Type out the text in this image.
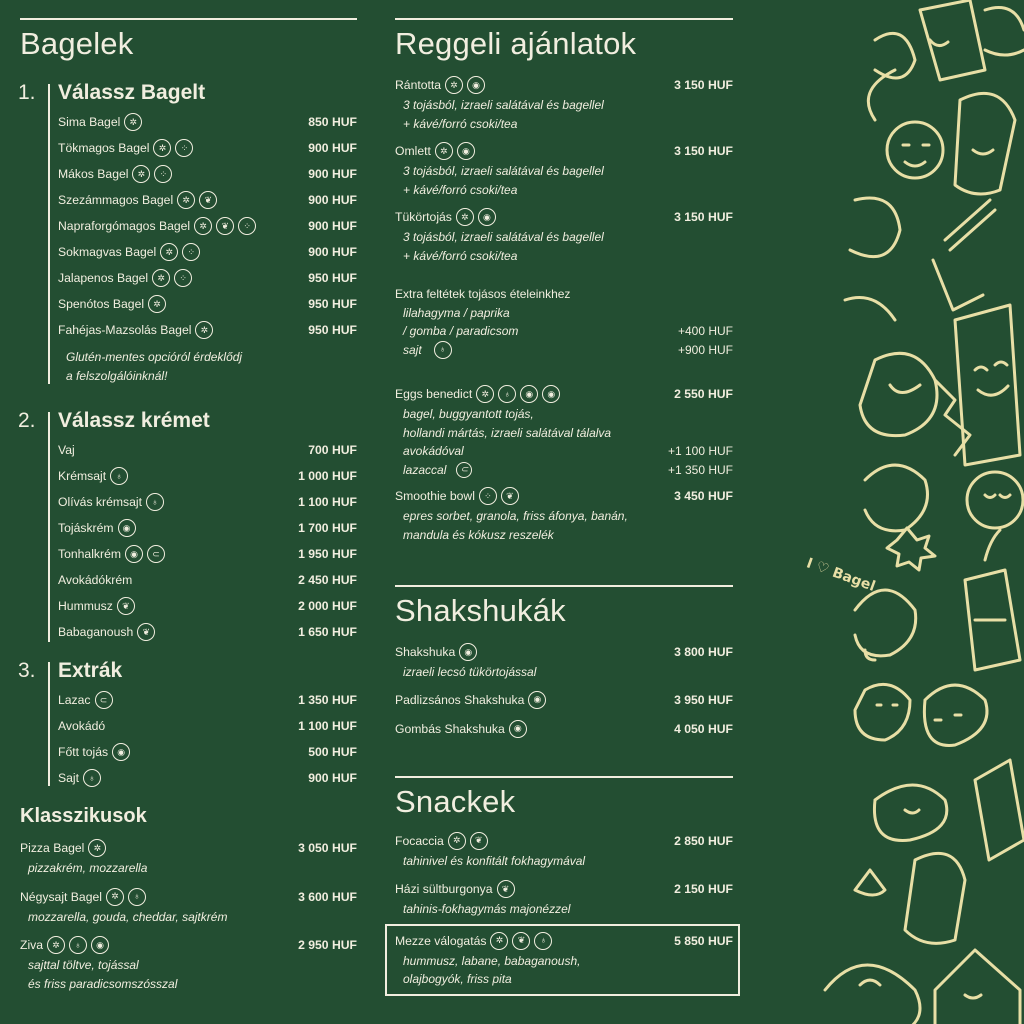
Bagelek
1. Válassz Bagelt
Sima Bagel	✲	850 HUF
Tökmagos Bagel	✲	⁘	900 HUF
Mákos Bagel	✲	⁘	900 HUF
Szezámmagos Bagel	✲	❦	900 HUF
Napraforgómagos Bagel	✲	❦	⁘	900 HUF
Sokmagvas Bagel	✲	⁘	900 HUF
Jalapenos Bagel	✲	⁘	950 HUF
Spenótos Bagel	✲	950 HUF
Fahéjas-Mazsolás Bagel	✲	950 HUF
Glutén-mentes opcióról érdeklődj
a felszolgálóinknál!
2. Válassz krémet
Vaj	700 HUF
Krémsajt	♁	1 000 HUF
Olívás krémsajt	♁	1 100 HUF
Tojáskrém	◉	1 700 HUF
Tonhalkrém	◉	⊂	1 950 HUF
Avokádókrém	2 450 HUF
Hummusz	❦	2 000 HUF
Babaganoush	❦	1 650 HUF
3. Extrák
Lazac	⊂	1 350 HUF
Avokádó	1 100 HUF
Főtt tojás	◉	500 HUF
Sajt	♁	900 HUF
Klasszikusok
Pizza Bagel	✲	3 050 HUF
pizzakrém, mozzarella
Négysajt Bagel	✲	♁	3 600 HUF
mozzarella, gouda, cheddar, sajtkrém
Ziva	✲	♁	◉	2 950 HUF
sajttal töltve, tojással
és friss paradicsomszósszal
Reggeli ajánlatok
Rántotta	✲	◉	3 150 HUF
3 tojásból, izraeli salátával és bagellel
+ kávé/forró csoki/tea
Omlett	✲	◉	3 150 HUF
3 tojásból, izraeli salátával és bagellel
+ kávé/forró csoki/tea
Tükörtojás	✲	◉	3 150 HUF
3 tojásból, izraeli salátával és bagellel
+ kávé/forró csoki/tea
Extra feltétek tojásos ételeinkhez
lilahagyma / paprika
/ gomba / paradicsom	+400 HUF
sajt	♁	+900 HUF
Eggs benedict	✲	♁	◉	◉	2 550 HUF
bagel, buggyantott tojás,
hollandi mártás, izraeli salátával tálalva
avokádóval	+1 100 HUF
lazaccal	⊂	+1 350 HUF
Smoothie bowl	⁘	❦	3 450 HUF
epres sorbet, granola, friss áfonya, banán,
mandula és kókusz reszelék
Shakshukák
Shakshuka	◉	3 800 HUF
izraeli lecsó tükörtojással
Padlizsános Shakshuka	◉	3 950 HUF
Gombás Shakshuka	◉	4 050 HUF
Snackek
Focaccia	✲	❦	2 850 HUF
tahinivel és konfitált fokhagymával
Házi sültburgonya	❦	2 150 HUF
tahinis-fokhagymás majonézzel
Mezze válogatás	✲	❦	♁	5 850 HUF
hummusz, labane, babaganoush,
olajbogyók, friss pita
I ♡ Bagel
